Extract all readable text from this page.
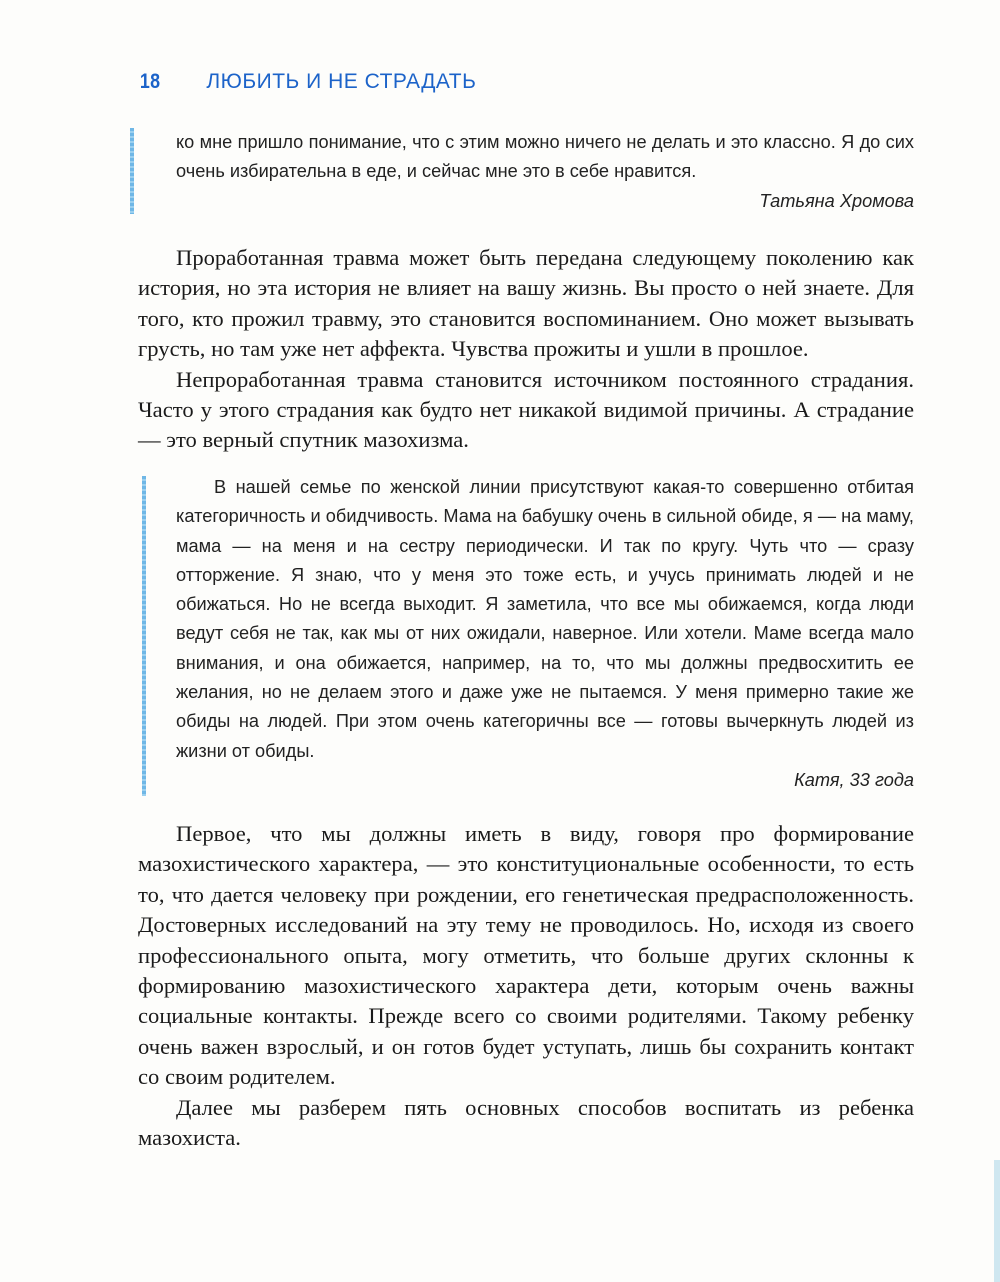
18 ЛЮБИТЬ И НЕ СТРАДАТЬ

ко мне пришло понимание, что с этим можно ничего не делать и это классно. Я до сих очень избирательна в еде, и сейчас мне это в себе нравится.

Татьяна Хромова

Проработанная травма может быть передана следующему поколению как история, но эта история не влияет на вашу жизнь. Вы просто о ней знаете. Для того, кто прожил травму, это становится воспоминанием. Оно может вызывать грусть, но там уже нет аффекта. Чувства прожиты и ушли в прошлое.

Непроработанная травма становится источником постоянного страдания. Часто у этого страдания как будто нет никакой видимой причины. А страдание — это верный спутник мазохизма.

В нашей семье по женской линии присутствуют какая-то совершенно отбитая категоричность и обидчивость. Мама на бабушку очень в сильной обиде, я — на маму, мама — на меня и на сестру периодически. И так по кругу. Чуть что — сразу отторжение. Я знаю, что у меня это тоже есть, и учусь принимать людей и не обижаться. Но не всегда выходит. Я заметила, что все мы обижаемся, когда люди ведут себя не так, как мы от них ожидали, наверное. Или хотели. Маме всегда мало внимания, и она обижается, например, на то, что мы должны предвосхитить ее желания, но не делаем этого и даже уже не пытаемся. У меня примерно такие же обиды на людей. При этом очень категоричны все — готовы вычеркнуть людей из жизни от обиды.

Катя, 33 года

Первое, что мы должны иметь в виду, говоря про формирование мазохистического характера, — это конституциональные особенности, то есть то, что дается человеку при рождении, его генетическая предрасположенность. Достоверных исследований на эту тему не проводилось. Но, исходя из своего профессионального опыта, могу отметить, что больше других склонны к формированию мазохистического характера дети, которым очень важны социальные контакты. Прежде всего со своими родителями. Такому ребенку очень важен взрослый, и он готов будет уступать, лишь бы сохранить контакт со своим родителем.

Далее мы разберем пять основных способов воспитать из ребенка мазохиста.
